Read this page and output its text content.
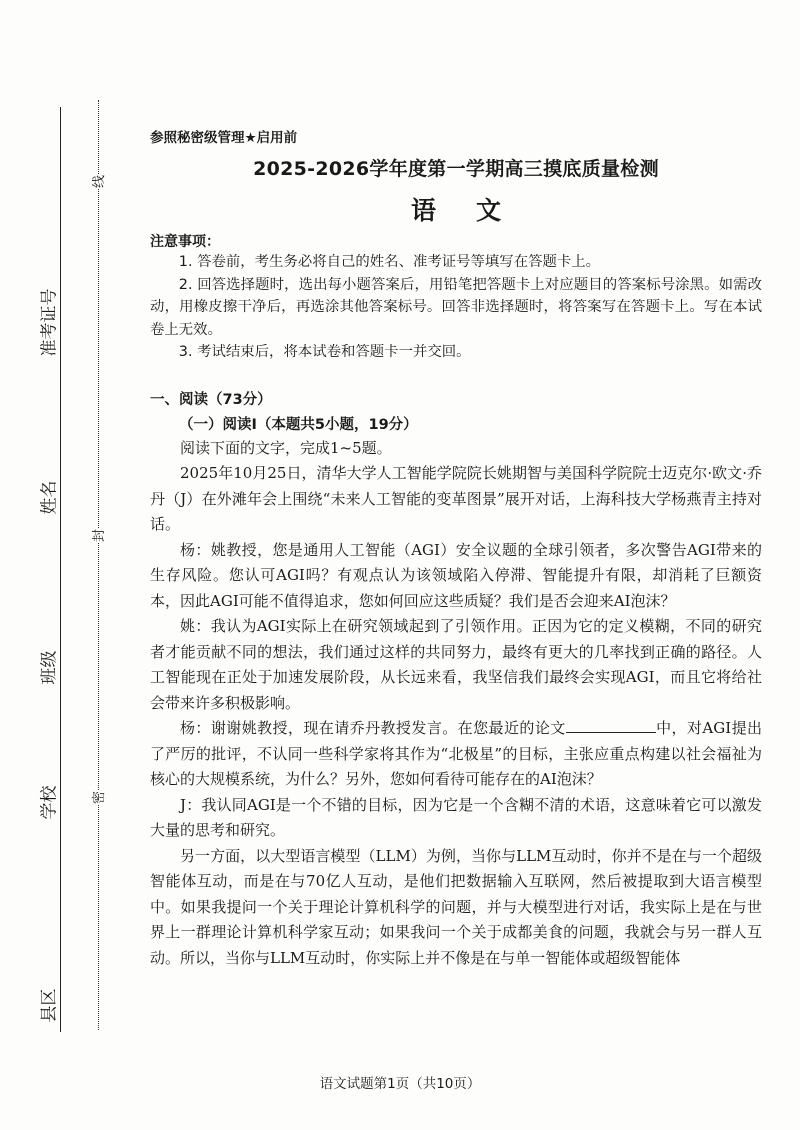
县区
学校
班级
姓名
准考证号
密
封
线

参照秘密级管理★启用前

2025-2026学年度第一学期高三摸底质量检测

语 文

注意事项：

1. 答卷前，考生务必将自己的姓名、准考证号等填写在答题卡上。

2. 回答选择题时，选出每小题答案后，用铅笔把答题卡上对应题目的答案标号涂黑。如需改动，用橡皮擦干净后，再选涂其他答案标号。回答非选择题时，将答案写在答题卡上。写在本试卷上无效。

3. 考试结束后，将本试卷和答题卡一并交回。

一、阅读（73分）

（一）阅读Ⅰ（本题共5小题，19分）

阅读下面的文字，完成1~5题。

2025年10月25日，清华大学人工智能学院院长姚期智与美国科学院院士迈克尔·欧文·乔丹（J）在外滩年会上围绕“未来人工智能的变革图景”展开对话，上海科技大学杨燕青主持对话。

杨：姚教授，您是通用人工智能（AGI）安全议题的全球引领者，多次警告AGI带来的生存风险。您认可AGI吗？有观点认为该领域陷入停滞、智能提升有限，却消耗了巨额资本，因此AGI可能不值得追求，您如何回应这些质疑？我们是否会迎来AI泡沫？

姚：我认为AGI实际上在研究领域起到了引领作用。正因为它的定义模糊，不同的研究者才能贡献不同的想法，我们通过这样的共同努力，最终有更大的几率找到正确的路径。人工智能现在正处于加速发展阶段，从长远来看，我坚信我们最终会实现AGI，而且它将给社会带来许多积极影响。

杨：谢谢姚教授，现在请乔丹教授发言。在您最近的论文	中，对AGI提出了严厉的批评，不认同一些科学家将其作为“北极星”的目标，主张应重点构建以社会福祉为核心的大规模系统，为什么？另外，您如何看待可能存在的AI泡沫？

J：我认同AGI是一个不错的目标，因为它是一个含糊不清的术语，这意味着它可以激发大量的思考和研究。

另一方面，以大型语言模型（LLM）为例，当你与LLM互动时，你并不是在与一个超级智能体互动，而是在与70亿人互动，是他们把数据输入互联网，然后被提取到大语言模型中。如果我提问一个关于理论计算机科学的问题，并与大模型进行对话，我实际上是在与世界上一群理论计算机科学家互动；如果我问一个关于成都美食的问题，我就会与另一群人互动。所以，当你与LLM互动时，你实际上并不像是在与单一智能体或超级智能体

语文试题第1页（共10页）
